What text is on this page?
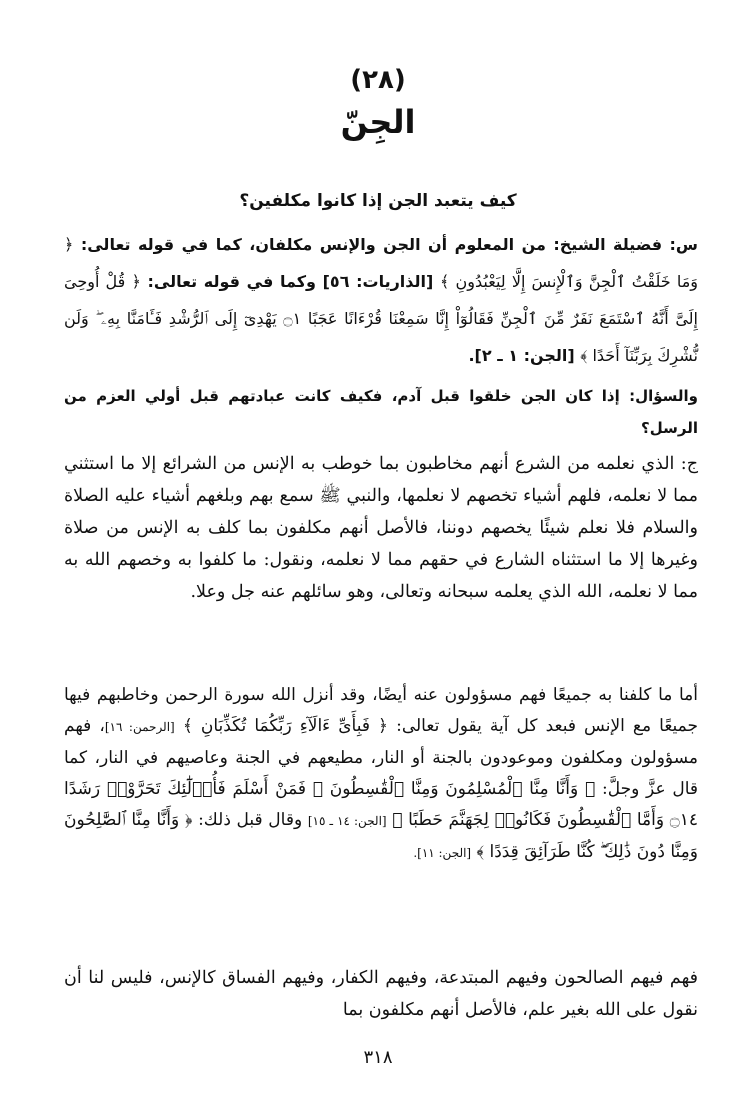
(٢٨)
الجِنّ
كيف يتعبد الجن إذا كانوا مكلفين؟
س: فضيلة الشيخ: من المعلوم أن الجن والإنس مكلفان، كما في قوله تعالى: ﴿ وَمَا خَلَقْتُ ٱلْجِنَّ وَٱلْإِنسَ إِلَّا لِيَعْبُدُونِ ﴾ [الذاريات: ٥٦] وكما في قوله تعالى: ﴿ قُلْ أُوحِىَ إِلَىَّ أَنَّهُ ٱسْتَمَعَ نَفَرٌ مِّنَ ٱلْجِنِّ فَقَالُوٓاْ إِنَّا سَمِعْنَا قُرْءَانًا عَجَبًا ۝١ يَهْدِىٓ إِلَى ٱلرُّشْدِ فَـَٔامَنَّا بِهِۦ ۖ وَلَن نُّشْرِكَ بِرَبِّنَآ أَحَدًا ﴾ [الجن: ١ ـ ٢].
والسؤال: إذا كان الجن خلقوا قبل آدم، فكيف كانت عبادتهم قبل أولي العزم من الرسل؟
ج: الذي نعلمه من الشرع أنهم مخاطبون بما خوطب به الإنس من الشرائع إلا ما استثني مما لا نعلمه، فلهم أشياء تخصهم لا نعلمها، والنبي ﷺ سمع بهم وبلغهم أشياء عليه الصلاة والسلام فلا نعلم شيئًا يخصهم دوننا، فالأصل أنهم مكلفون بما كلف به الإنس من صلاة وغيرها إلا ما استثناه الشارع في حقهم مما لا نعلمه، ونقول: ما كلفوا به وخصهم الله به مما لا نعلمه، الله الذي يعلمه سبحانه وتعالى، وهو سائلهم عنه جل وعلا.
أما ما كلفنا به جميعًا فهم مسؤولون عنه أيضًا، وقد أنزل الله سورة الرحمن وخاطبهم فيها جميعًا مع الإنس فبعد كل آية يقول تعالى: ﴿ فَبِأَىِّ ءَالَآءِ رَبِّكُمَا تُكَذِّبَانِ ﴾ [الرحمن: ١٦]، فهم مسؤولون ومكلفون وموعودون بالجنة أو النار، مطيعهم في الجنة وعاصيهم في النار، كما قال عزَّ وجلَّ: ﴿ وَأَنَّا مِنَّا ٱلْمُسْلِمُونَ وَمِنَّا ٱلْقَٰسِطُونَ ۖ فَمَنْ أَسْلَمَ فَأُو۟لَٰٓئِكَ تَحَرَّوْا۟ رَشَدًا ۝١٤ وَأَمَّا ٱلْقَٰسِطُونَ فَكَانُوا۟ لِجَهَنَّمَ حَطَبًا ﴾ [الجن: ١٤ ـ ١٥] وقال قبل ذلك: ﴿ وَأَنَّا مِنَّا ٱلصَّٰلِحُونَ وَمِنَّا دُونَ ذَٰلِكَ ۖ كُنَّا طَرَآئِقَ قِدَدًا ﴾ [الجن: ١١].
فهم فيهم الصالحون وفيهم المبتدعة، وفيهم الكفار، وفيهم الفساق كالإنس، فليس لنا أن نقول على الله بغير علم، فالأصل أنهم مكلفون بما
٣١٨
